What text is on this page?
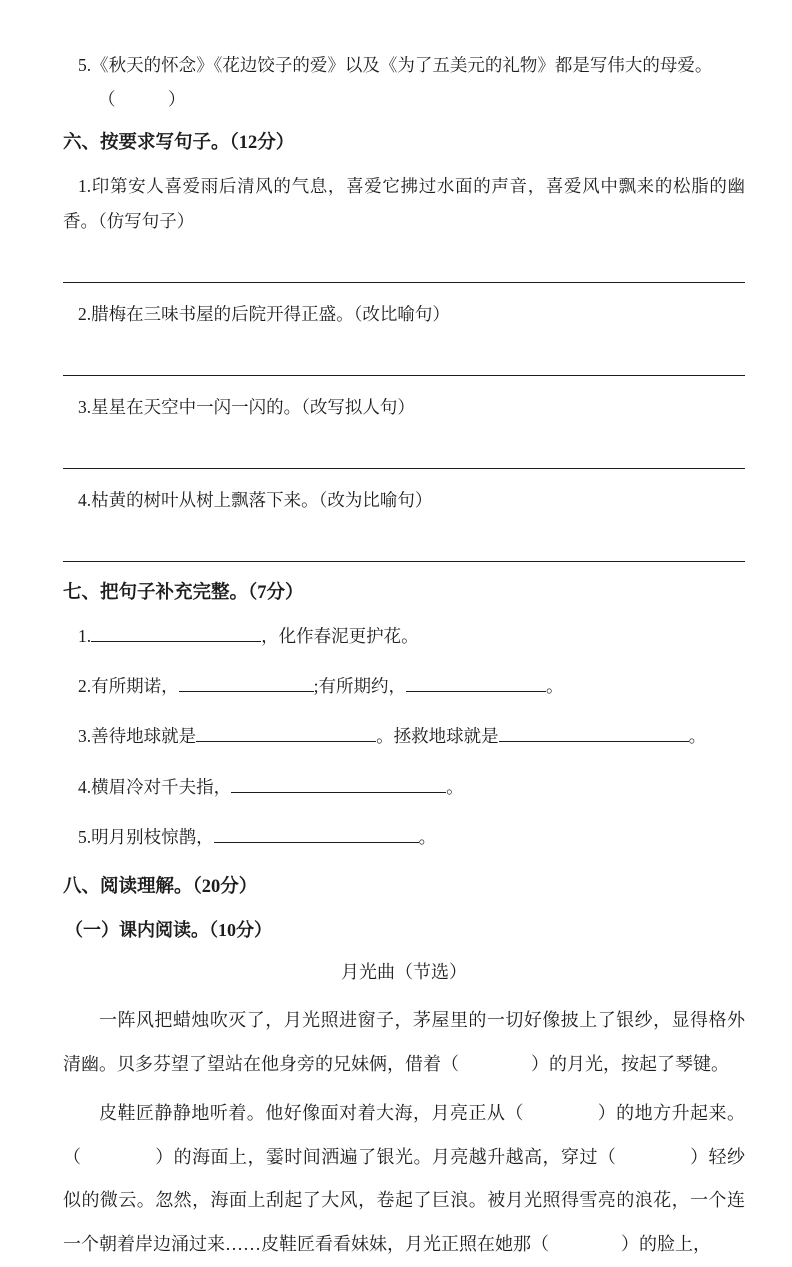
5.《秋天的怀念》《花边饺子的爱》以及《为了五美元的礼物》都是写伟大的母爱。（　　　）
六、按要求写句子。（12分）
1.印第安人喜爱雨后清风的气息，喜爱它拂过水面的声音，喜爱风中飘来的松脂的幽香。（仿写句子）
2.腊梅在三味书屋的后院开得正盛。（改比喻句）
3.星星在天空中一闪一闪的。（改写拟人句）
4.枯黄的树叶从树上飘落下来。（改为比喻句）
七、把句子补充完整。（7分）
1.	，化作春泥更护花。
2.有所期诺，	;有所期约，	。
3.善待地球就是	。拯救地球就是	。
4.横眉冷对千夫指，	。
5.明月别枝惊鹊，	。
八、阅读理解。（20分）
（一）课内阅读。（10分）
月光曲（节选）
一阵风把蜡烛吹灭了，月光照进窗子，茅屋里的一切好像披上了银纱，显得格外清幽。贝多芬望了望站在他身旁的兄妹俩，借着（　　　　）的月光，按起了琴键。
皮鞋匠静静地听着。他好像面对着大海，月亮正从（　　　　）的地方升起来。（　　　　）的海面上，霎时间洒遍了银光。月亮越升越高，穿过（　　　　）轻纱似的微云。忽然，海面上刮起了大风，卷起了巨浪。被月光照得雪亮的浪花，一个连一个朝着岸边涌过来……皮鞋匠看看妹妹，月光正照在她那（　　　　）的脸上，
